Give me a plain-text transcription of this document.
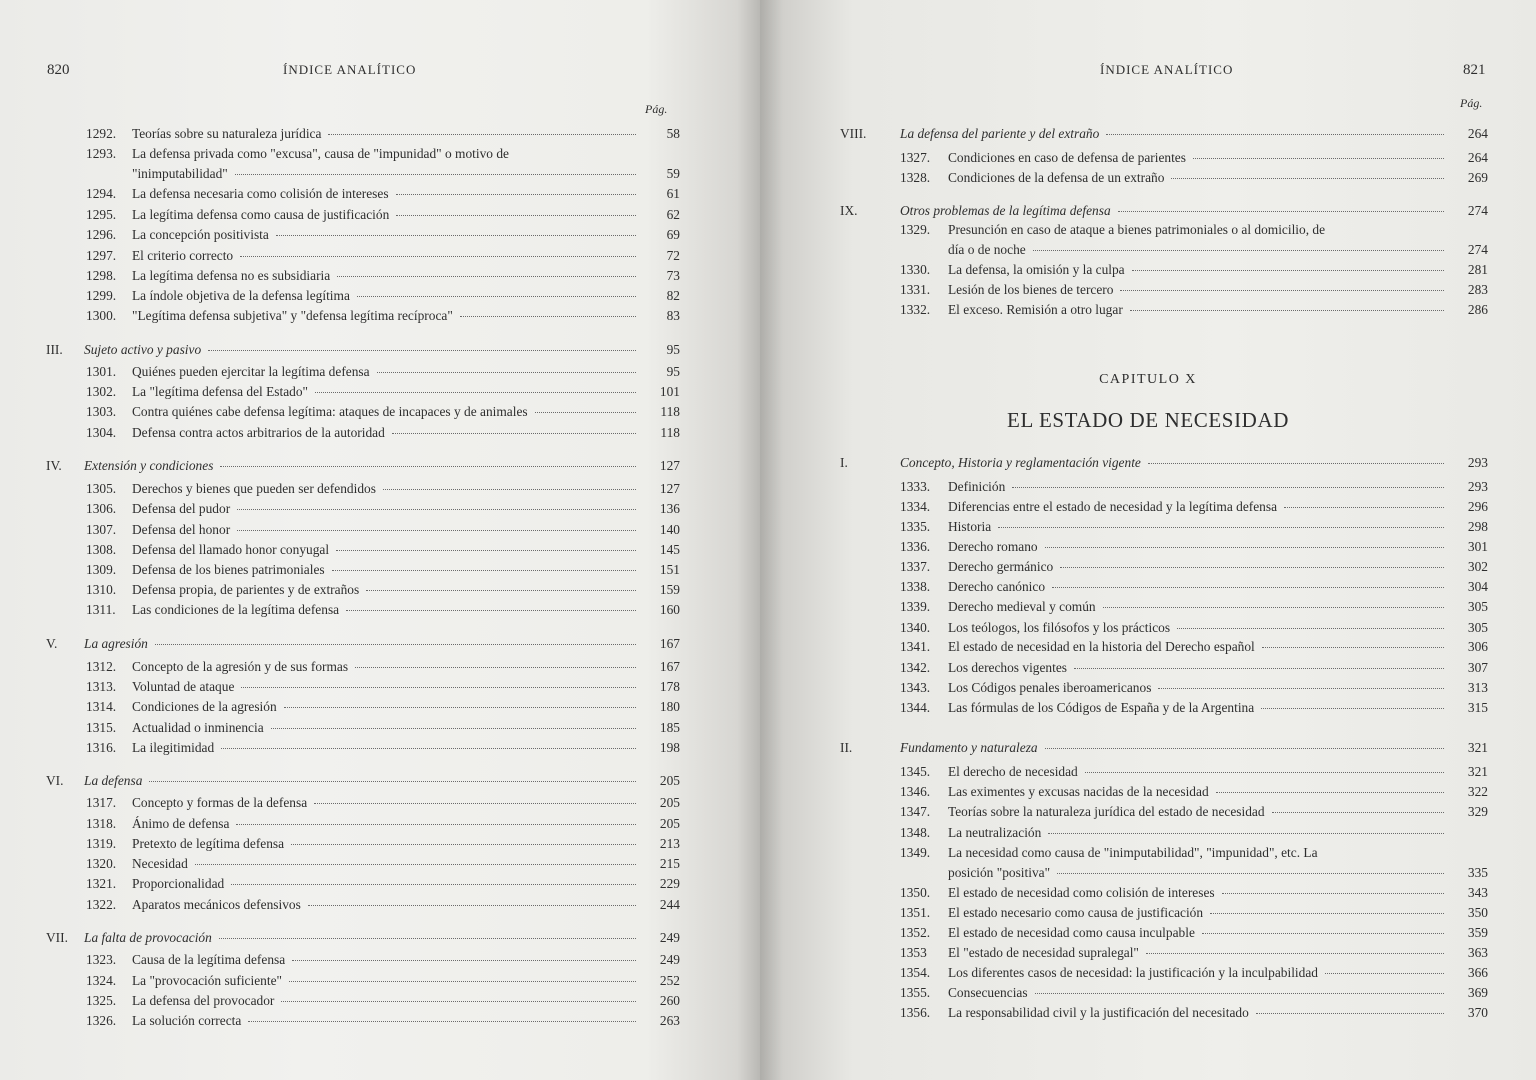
820	ÍNDICE ANALÍTICO
Pág.
1292. Teorías sobre su naturaleza jurídica	58
1293. La defensa privada como "excusa", causa de "impunidad" o motivo de
"inimputabilidad"	59
1294. La defensa necesaria como colisión de intereses	61
1295. La legítima defensa como causa de justificación	62
1296. La concepción positivista	69
1297. El criterio correcto	72
1298. La legítima defensa no es subsidiaria	73
1299. La índole objetiva de la defensa legítima	82
1300. "Legítima defensa subjetiva" y "defensa legítima recíproca"	83
III. Sujeto activo y pasivo	95
1301. Quiénes pueden ejercitar la legítima defensa	95
1302. La "legítima defensa del Estado"	101
1303. Contra quiénes cabe defensa legítima: ataques de incapaces y de animales	118
1304. Defensa contra actos arbitrarios de la autoridad	118
IV. Extensión y condiciones	127
1305. Derechos y bienes que pueden ser defendidos	127
1306. Defensa del pudor	136
1307. Defensa del honor	140
1308. Defensa del llamado honor conyugal	145
1309. Defensa de los bienes patrimoniales	151
1310. Defensa propia, de parientes y de extraños	159
1311. Las condiciones de la legítima defensa	160
V. La agresión	167
1312. Concepto de la agresión y de sus formas	167
1313. Voluntad de ataque	178
1314. Condiciones de la agresión	180
1315. Actualidad o inminencia	185
1316. La ilegitimidad	198
VI. La defensa	205
1317. Concepto y formas de la defensa	205
1318. Ánimo de defensa	205
1319. Pretexto de legítima defensa	213
1320. Necesidad	215
1321. Proporcionalidad	229
1322. Aparatos mecánicos defensivos	244
VII. La falta de provocación	249
1323. Causa de la legítima defensa	249
1324. La "provocación suficiente"	252
1325. La defensa del provocador	260
1326. La solución correcta	263
ÍNDICE ANALÍTICO	821
Pág.
CAPITULO X
EL ESTADO DE NECESIDAD
VIII.	La defensa del pariente y del extraño	264
1327. Condiciones en caso de defensa de parientes	264
1328. Condiciones de la defensa de un extraño	269
IX.	Otros problemas de la legítima defensa	274
1329. Presunción en caso de ataque a bienes patrimoniales o al domicilio, de
día o de noche	274
1330. La defensa, la omisión y la culpa	281
1331. Lesión de los bienes de tercero	283
1332. El exceso. Remisión a otro lugar	286
I.	Concepto, Historia y reglamentación vigente	293
1333. Definición	293
1334. Diferencias entre el estado de necesidad y la legítima defensa	296
1335. Historia	298
1336. Derecho romano	301
1337. Derecho germánico	302
1338. Derecho canónico	304
1339. Derecho medieval y común	305
1340. Los teólogos, los filósofos y los prácticos	305
1341. El estado de necesidad en la historia del Derecho español	306
1342. Los derechos vigentes	307
1343. Los Códigos penales iberoamericanos	313
1344. Las fórmulas de los Códigos de España y de la Argentina	315
II.	Fundamento y naturaleza	321
1345. El derecho de necesidad	321
1346. Las eximentes y excusas nacidas de la necesidad	322
1347. Teorías sobre la naturaleza jurídica del estado de necesidad	329
1348. La neutralización
1349. La necesidad como causa de "inimputabilidad", "impunidad", etc. La
posición "positiva"	335
1350. El estado de necesidad como colisión de intereses	343
1351. El estado necesario como causa de justificación	350
1352. El estado de necesidad como causa inculpable	359
1353 El "estado de necesidad supralegal"	363
1354. Los diferentes casos de necesidad: la justificación y la inculpabilidad	366
1355. Consecuencias	369
1356. La responsabilidad civil y la justificación del necesitado	370
